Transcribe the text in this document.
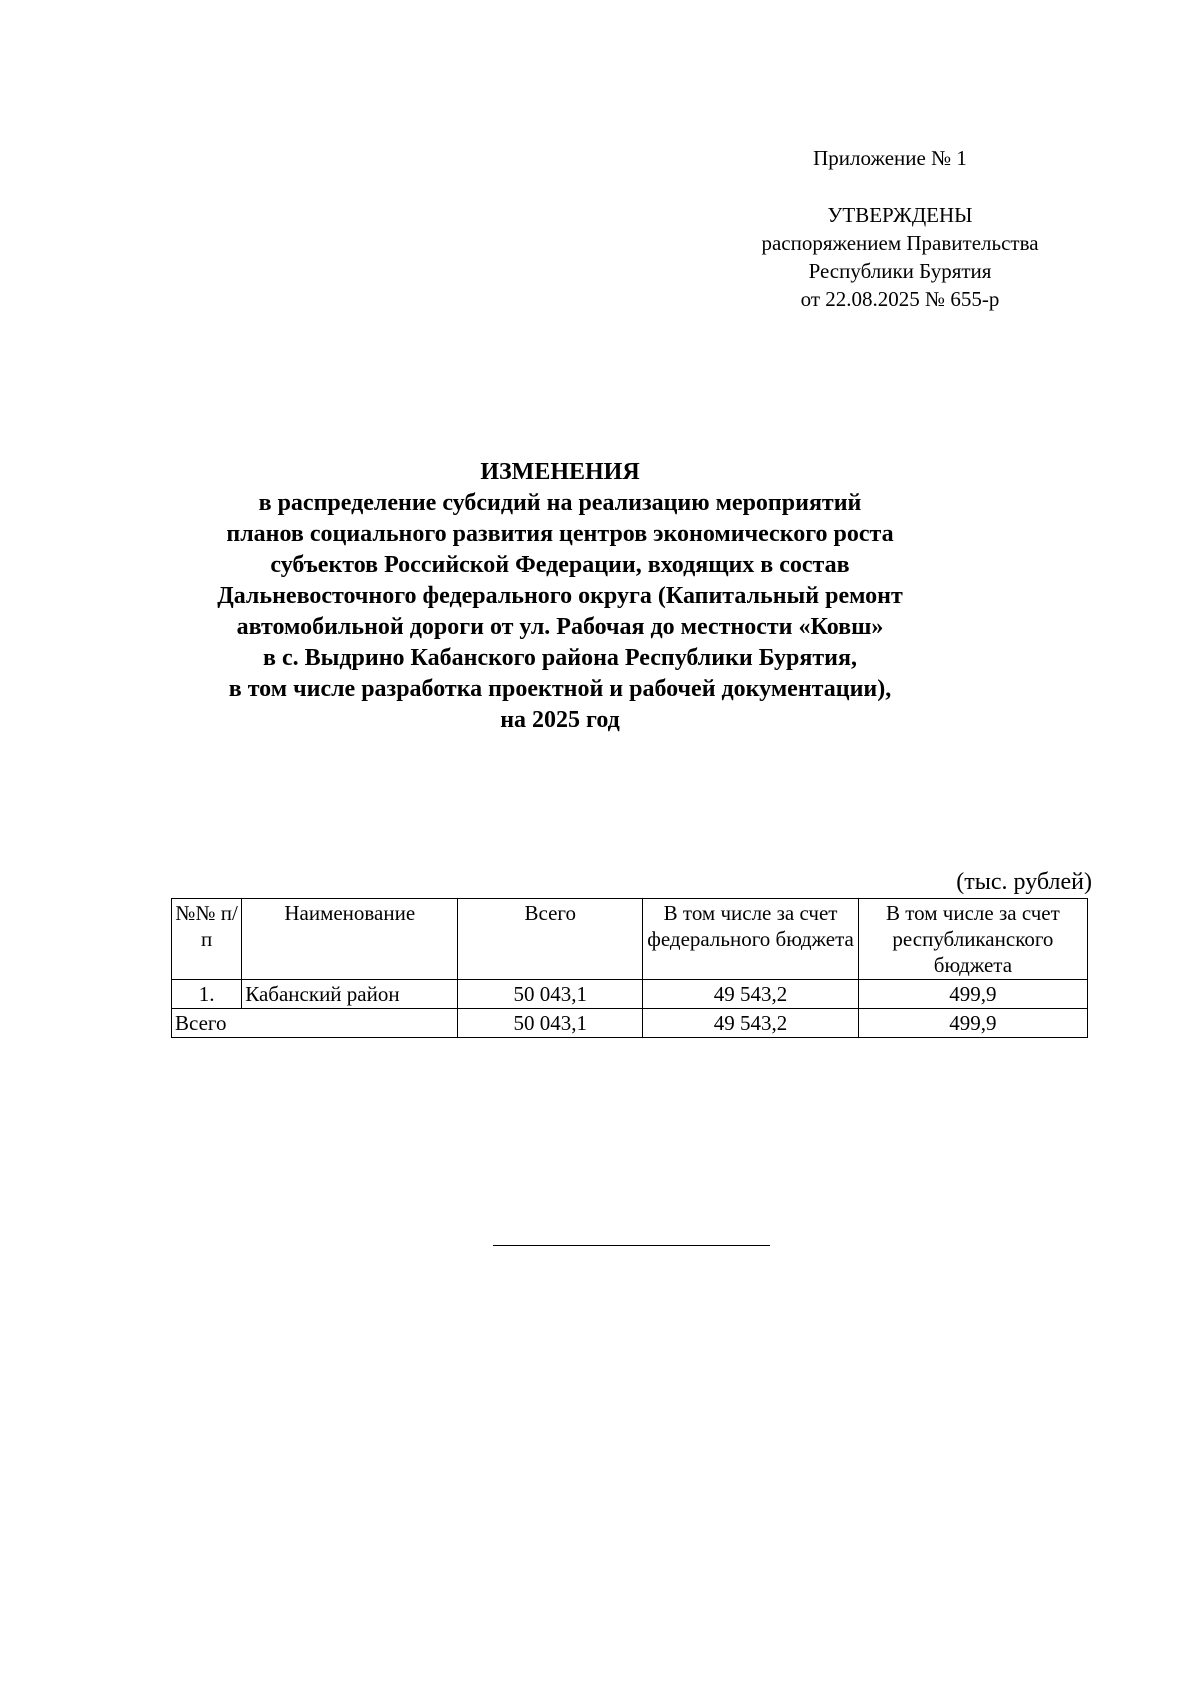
Приложение № 1
УТВЕРЖДЕНЫ
распоряжением Правительства
Республики Бурятия
от 22.08.2025 № 655-р
ИЗМЕНЕНИЯ
в распределение субсидий на реализацию мероприятий
планов социального развития центров экономического роста
субъектов Российской Федерации, входящих в состав
Дальневосточного федерального округа (Капитальный ремонт
автомобильной дороги от ул. Рабочая до местности «Ковш»
в с. Выдрино Кабанского района Республики Бурятия,
в том числе разработка проектной и рабочей документации),
на 2025 год
(тыс. рублей)
№№ п/п	Наименование	Всего	В том числе за счет федерального бюджета	В том числе за счет республиканского бюджета
1.	Кабанский район	50 043,1	49 543,2	499,9
Всего		50 043,1	49 543,2	499,9
